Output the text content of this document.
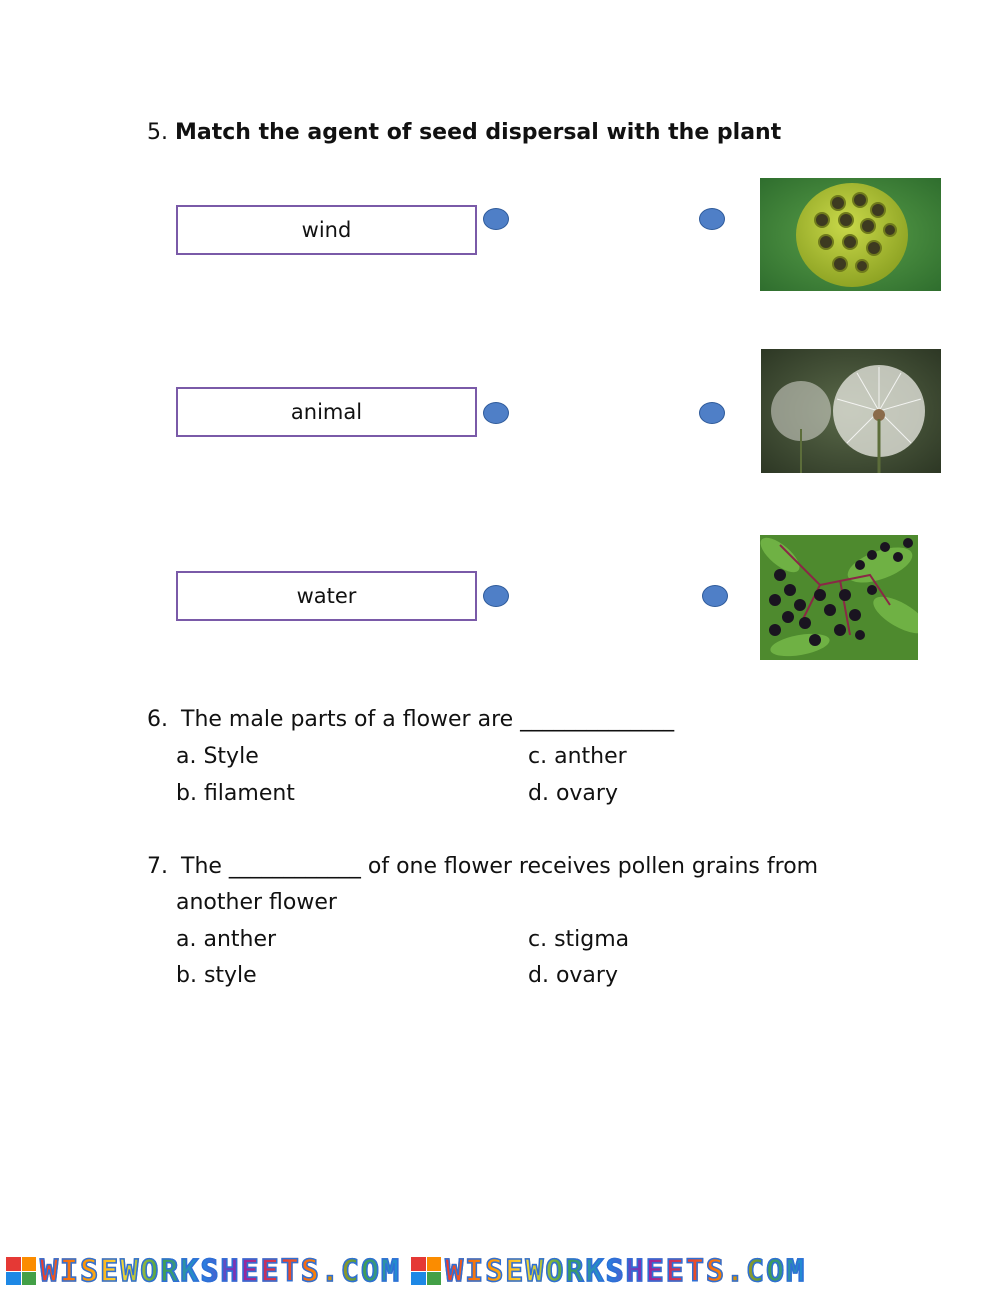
5. Match the agent of seed dispersal with the plant
wind
animal
water
6. The male parts of a flower are ______________
a. Style	c. anther
b. filament	d. ovary
7. The ____________ of one flower receives pollen grains from
another flower
a. anther	c. stigma
b. style	d. ovary
WISEWORKSHEETS.COM WISEWORKSHEETS.COM
